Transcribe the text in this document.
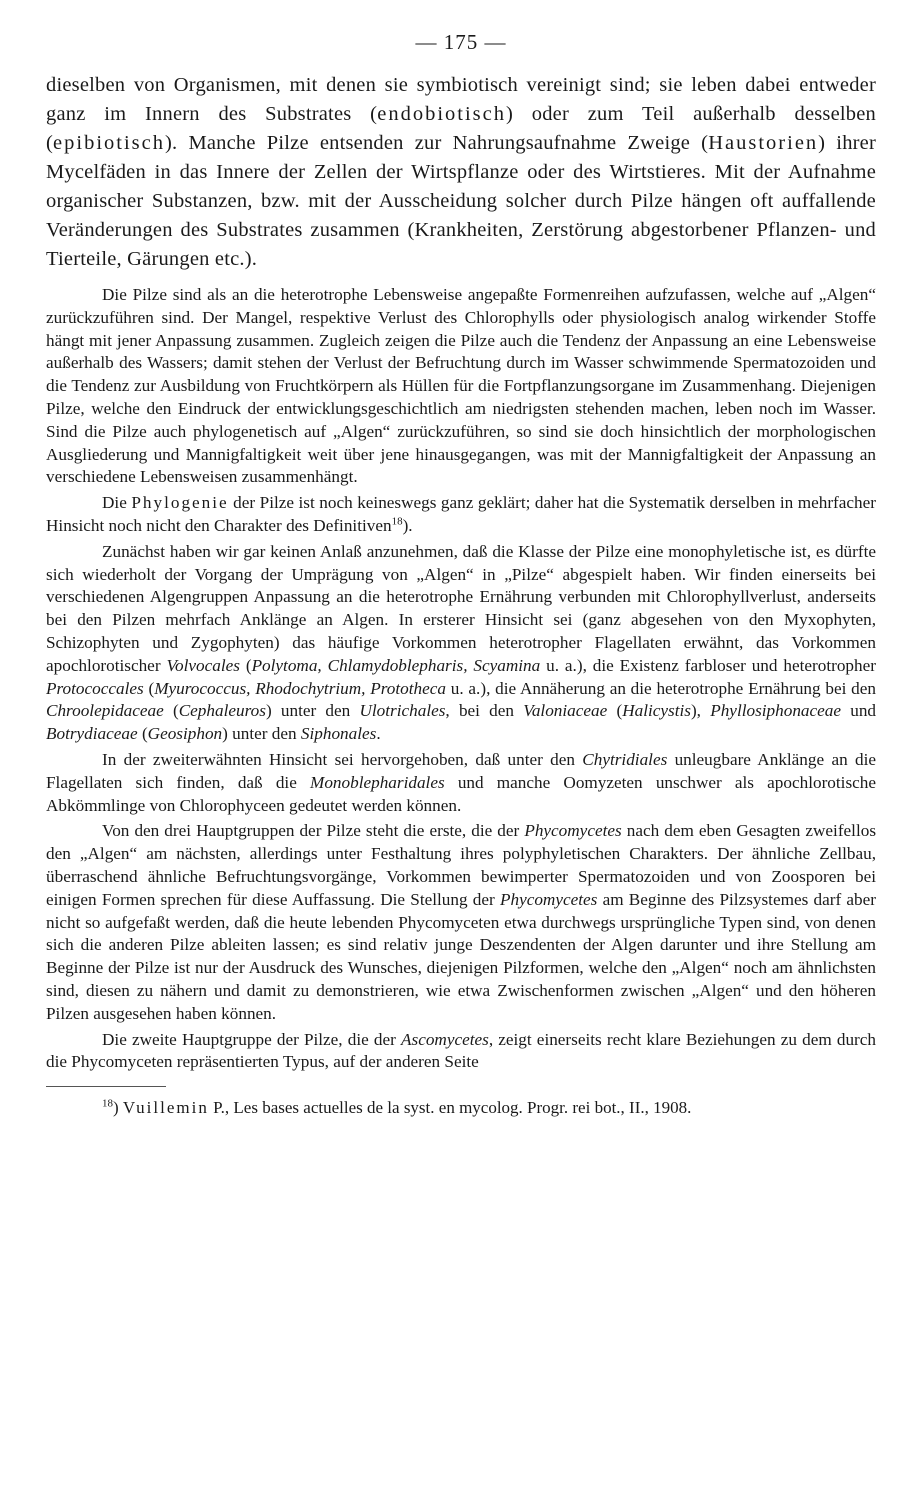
— 175 —

dieselben von Organismen, mit denen sie symbiotisch vereinigt sind; sie leben dabei entweder ganz im Innern des Substrates (endobiotisch) oder zum Teil außerhalb desselben (epibiotisch). Manche Pilze entsenden zur Nahrungsaufnahme Zweige (Haustorien) ihrer Mycelfäden in das Innere der Zellen der Wirtspflanze oder des Wirtstieres. Mit der Aufnahme organischer Substanzen, bzw. mit der Ausscheidung solcher durch Pilze hängen oft auffallende Veränderungen des Substrates zusammen (Krankheiten, Zerstörung abgestorbener Pflanzen- und Tierteile, Gärungen etc.).

Die Pilze sind als an die heterotrophe Lebensweise angepaßte Formenreihen aufzufassen, welche auf „Algen“ zurückzuführen sind. Der Mangel, respektive Verlust des Chlorophylls oder physiologisch analog wirkender Stoffe hängt mit jener Anpassung zusammen. Zugleich zeigen die Pilze auch die Tendenz der Anpassung an eine Lebensweise außerhalb des Wassers; damit stehen der Verlust der Befruchtung durch im Wasser schwimmende Spermatozoiden und die Tendenz zur Ausbildung von Fruchtkörpern als Hüllen für die Fortpflanzungsorgane im Zusammenhang. Diejenigen Pilze, welche den Eindruck der entwicklungsgeschichtlich am niedrigsten stehenden machen, leben noch im Wasser. Sind die Pilze auch phylogenetisch auf „Algen“ zurückzuführen, so sind sie doch hinsichtlich der morphologischen Ausgliederung und Mannigfaltigkeit weit über jene hinausgegangen, was mit der Mannigfaltigkeit der Anpassung an verschiedene Lebensweisen zusammenhängt.

Die Phylogenie der Pilze ist noch keineswegs ganz geklärt; daher hat die Systematik derselben in mehrfacher Hinsicht noch nicht den Charakter des Definitiven$^{18}$).

Zunächst haben wir gar keinen Anlaß anzunehmen, daß die Klasse der Pilze eine monophyletische ist, es dürfte sich wiederholt der Vorgang der Umprägung von „Algen“ in „Pilze“ abgespielt haben. Wir finden einerseits bei verschiedenen Algengruppen Anpassung an die heterotrophe Ernährung verbunden mit Chlorophyllverlust, anderseits bei den Pilzen mehrfach Anklänge an Algen. In ersterer Hinsicht sei (ganz abgesehen von den Myxophyten, Schizophyten und Zygophyten) das häufige Vorkommen heterotropher Flagellaten erwähnt, das Vorkommen apochlorotischer Volvocales (Polytoma, Chlamydoblepharis, Scyamina u. a.), die Existenz farbloser und heterotropher Protococcales (Myurococcus, Rhodochytrium, Prototheca u. a.), die Annäherung an die heterotrophe Ernährung bei den Chroolepidaceae (Cephaleuros) unter den Ulotrichales, bei den Valoniaceae (Halicystis), Phyllosiphonaceae und Botrydiaceae (Geosiphon) unter den Siphonales.

In der zweiterwähnten Hinsicht sei hervorgehoben, daß unter den Chytridiales unleugbare Anklänge an die Flagellaten sich finden, daß die Monoblepharidales und manche Oomyzeten unschwer als apochlorotische Abkömmlinge von Chlorophyceen gedeutet werden können.

Von den drei Hauptgruppen der Pilze steht die erste, die der Phycomycetes nach dem eben Gesagten zweifellos den „Algen“ am nächsten, allerdings unter Festhaltung ihres polyphyletischen Charakters. Der ähnliche Zellbau, überraschend ähnliche Befruchtungsvorgänge, Vorkommen bewimperter Spermatozoiden und von Zoosporen bei einigen Formen sprechen für diese Auffassung. Die Stellung der Phycomycetes am Beginne des Pilzsystemes darf aber nicht so aufgefaßt werden, daß die heute lebenden Phycomyceten etwa durchwegs ursprüngliche Typen sind, von denen sich die anderen Pilze ableiten lassen; es sind relativ junge Deszendenten der Algen darunter und ihre Stellung am Beginne der Pilze ist nur der Ausdruck des Wunsches, diejenigen Pilzformen, welche den „Algen“ noch am ähnlichsten sind, diesen zu nähern und damit zu demonstrieren, wie etwa Zwischenformen zwischen „Algen“ und den höheren Pilzen ausgesehen haben können.

Die zweite Hauptgruppe der Pilze, die der Ascomycetes, zeigt einerseits recht klare Beziehungen zu dem durch die Phycomyceten repräsentierten Typus, auf der anderen Seite

$^{18}$) Vuillemin P., Les bases actuelles de la syst. en mycolog. Progr. rei bot., II., 1908.
